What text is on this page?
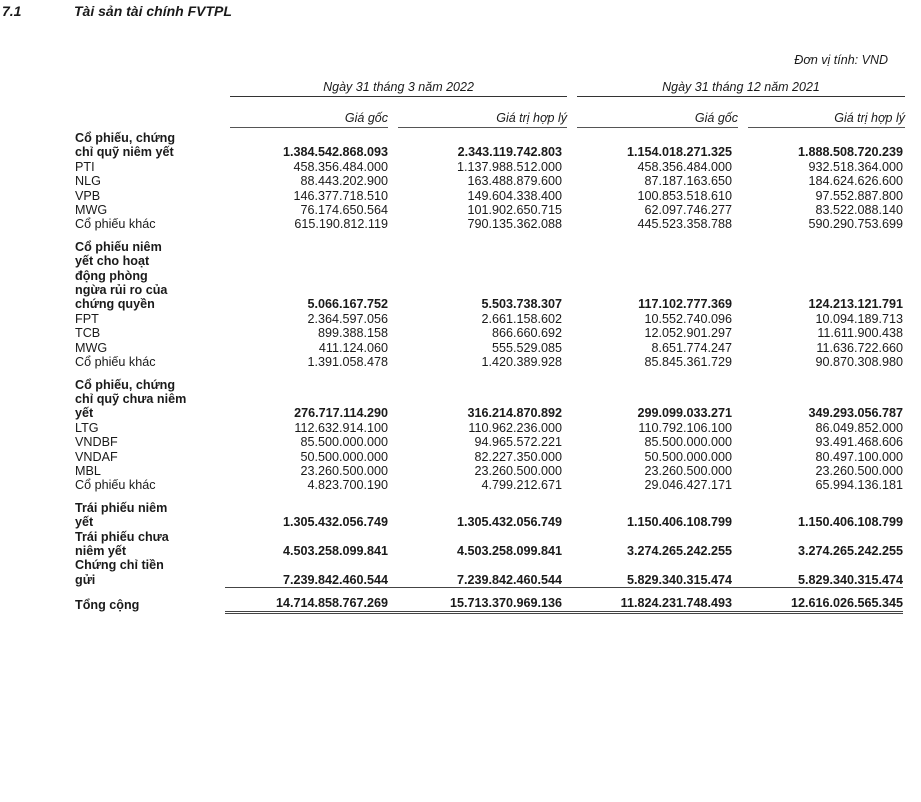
7.1	Tài sản tài chính FVTPL
Đơn vị tính: VND
Ngày 31 tháng 3 năm 2022	Ngày 31 tháng 12 năm 2021
Giá gốc	Giá trị hợp lý	Giá gốc	Giá trị hợp lý
Cổ phiếu, chứng				
chỉ quỹ niêm yết	1.384.542.868.093	2.343.119.742.803	1.154.018.271.325	1.888.508.720.239
PTI	458.356.484.000	1.137.988.512.000	458.356.484.000	932.518.364.000
NLG	88.443.202.900	163.488.879.600	87.187.163.650	184.624.626.600
VPB	146.377.718.510	149.604.338.400	100.853.518.610	97.552.887.800
MWG	76.174.650.564	101.902.650.715	62.097.746.277	83.522.088.140
Cổ phiếu khác	615.190.812.119	790.135.362.088	445.523.358.788	590.290.753.699
Cổ phiếu niêm				
yết cho hoạt				
động phòng				
ngừa rủi ro của				
chứng quyền	5.066.167.752	5.503.738.307	117.102.777.369	124.213.121.791
FPT	2.364.597.056	2.661.158.602	10.552.740.096	10.094.189.713
TCB	899.388.158	866.660.692	12.052.901.297	11.611.900.438
MWG	411.124.060	555.529.085	8.651.774.247	11.636.722.660
Cổ phiếu khác	1.391.058.478	1.420.389.928	85.845.361.729	90.870.308.980
Cổ phiếu, chứng				
chỉ quỹ chưa niêm				
yết	276.717.114.290	316.214.870.892	299.099.033.271	349.293.056.787
LTG	112.632.914.100	110.962.236.000	110.792.106.100	86.049.852.000
VNDBF	85.500.000.000	94.965.572.221	85.500.000.000	93.491.468.606
VNDAF	50.500.000.000	82.227.350.000	50.500.000.000	80.497.100.000
MBL	23.260.500.000	23.260.500.000	23.260.500.000	23.260.500.000
Cổ phiếu khác	4.823.700.190	4.799.212.671	29.046.427.171	65.994.136.181
Trái phiếu niêm				
yết	1.305.432.056.749	1.305.432.056.749	1.150.406.108.799	1.150.406.108.799
Trái phiếu chưa				
niêm yết	4.503.258.099.841	4.503.258.099.841	3.274.265.242.255	3.274.265.242.255
Chứng chỉ tiền				
gửi	7.239.842.460.544	7.239.842.460.544	5.829.340.315.474	5.829.340.315.474
Tổng cộng	14.714.858.767.269	15.713.370.969.136	11.824.231.748.493	12.616.026.565.345
